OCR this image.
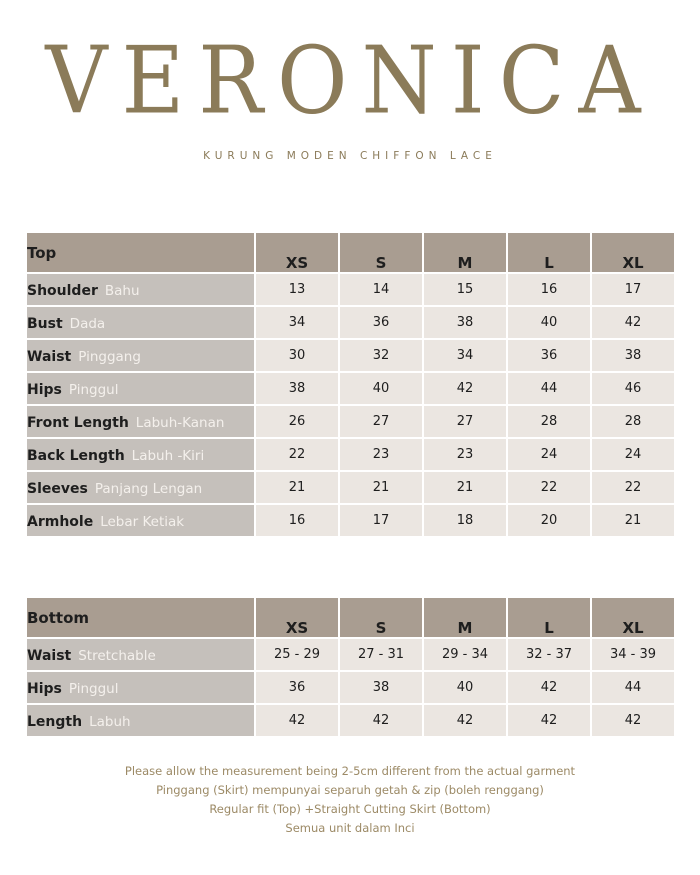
VERONICA
KURUNG MODEN CHIFFON LACE
Top	XS	S	M	L	XL
Shoulder Bahu	13	14	15	16	17
Bust Dada	34	36	38	40	42
Waist Pinggang	30	32	34	36	38
Hips Pinggul	38	40	42	44	46
Front Length Labuh-Kanan	26	27	27	28	28
Back Length Labuh -Kiri	22	23	23	24	24
Sleeves Panjang Lengan	21	21	21	22	22
Armhole Lebar Ketiak	16	17	18	20	21
Bottom	XS	S	M	L	XL
Waist Stretchable	25 - 29	27 - 31	29 - 34	32 - 37	34 - 39
Hips Pinggul	36	38	40	42	44
Length Labuh	42	42	42	42	42
Please allow the measurement being 2-5cm different from the actual garment
Pinggang (Skirt) mempunyai separuh getah & zip (boleh renggang)
Regular fit (Top) +Straight Cutting Skirt (Bottom)
Semua unit dalam Inci
